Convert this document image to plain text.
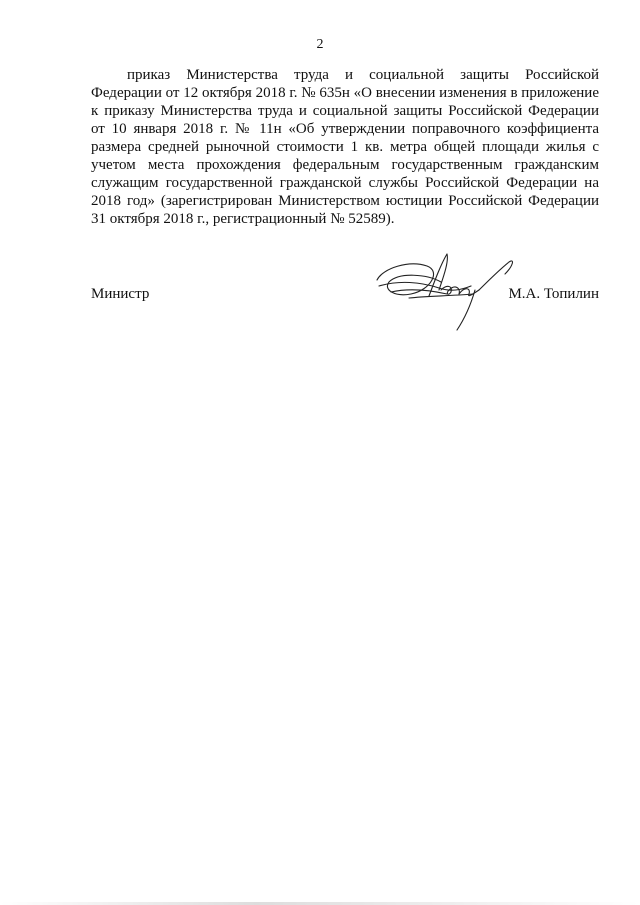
2

приказ Министерства труда и социальной защиты Российской Федерации от 12 октября 2018 г. № 635н «О внесении изменения в приложение к приказу Министерства труда и социальной защиты Российской Федерации от 10 января 2018 г. № 11н «Об утверждении поправочного коэффициента размера средней рыночной стоимости 1 кв. метра общей площади жилья с учетом места прохождения федеральным государственным гражданским служащим государственной гражданской службы Российской Федерации на 2018 год» (зарегистрирован Министерством юстиции Российской Федерации 31 октября 2018 г., регистрационный № 52589).

Министр	М.А. Топилин
